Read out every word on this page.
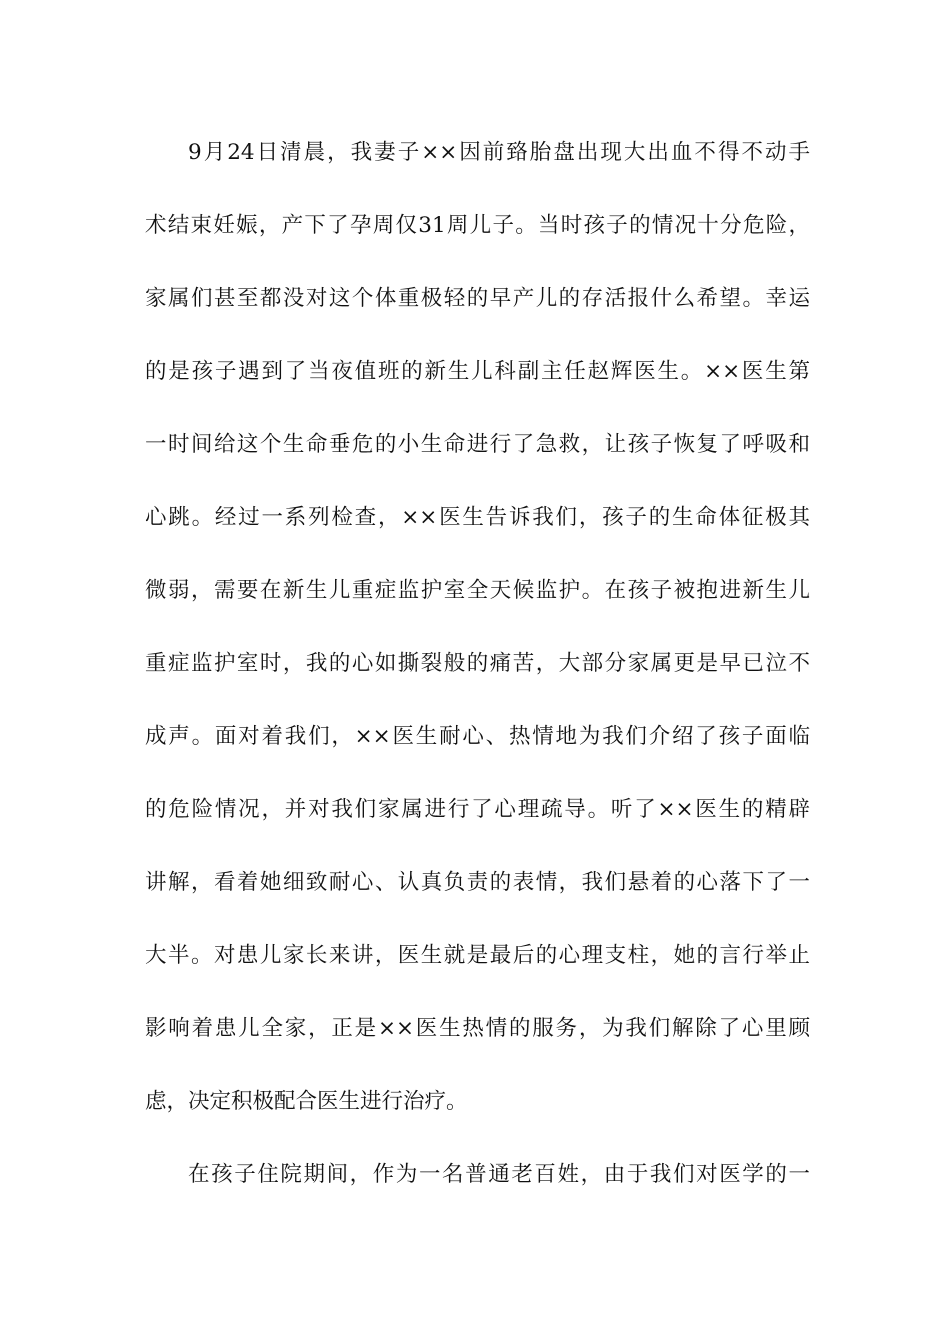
9月24日清晨，我妻子××因前臵胎盘出现大出血不得不动手
术结束妊娠，产下了孕周仅31周儿子。当时孩子的情况十分危险，
家属们甚至都没对这个体重极轻的早产儿的存活报什么希望。幸运
的是孩子遇到了当夜值班的新生儿科副主任赵辉医生。××医生第
一时间给这个生命垂危的小生命进行了急救，让孩子恢复了呼吸和
心跳。经过一系列检查，××医生告诉我们，孩子的生命体征极其
微弱，需要在新生儿重症监护室全天候监护。在孩子被抱进新生儿
重症监护室时，我的心如撕裂般的痛苦，大部分家属更是早已泣不
成声。面对着我们，××医生耐心、热情地为我们介绍了孩子面临
的危险情况，并对我们家属进行了心理疏导。听了××医生的精辟
讲解，看着她细致耐心、认真负责的表情，我们悬着的心落下了一
大半。对患儿家长来讲，医生就是最后的心理支柱，她的言行举止
影响着患儿全家，正是××医生热情的服务，为我们解除了心里顾
虑，决定积极配合医生进行治疗。
在孩子住院期间，作为一名普通老百姓，由于我们对医学的一
